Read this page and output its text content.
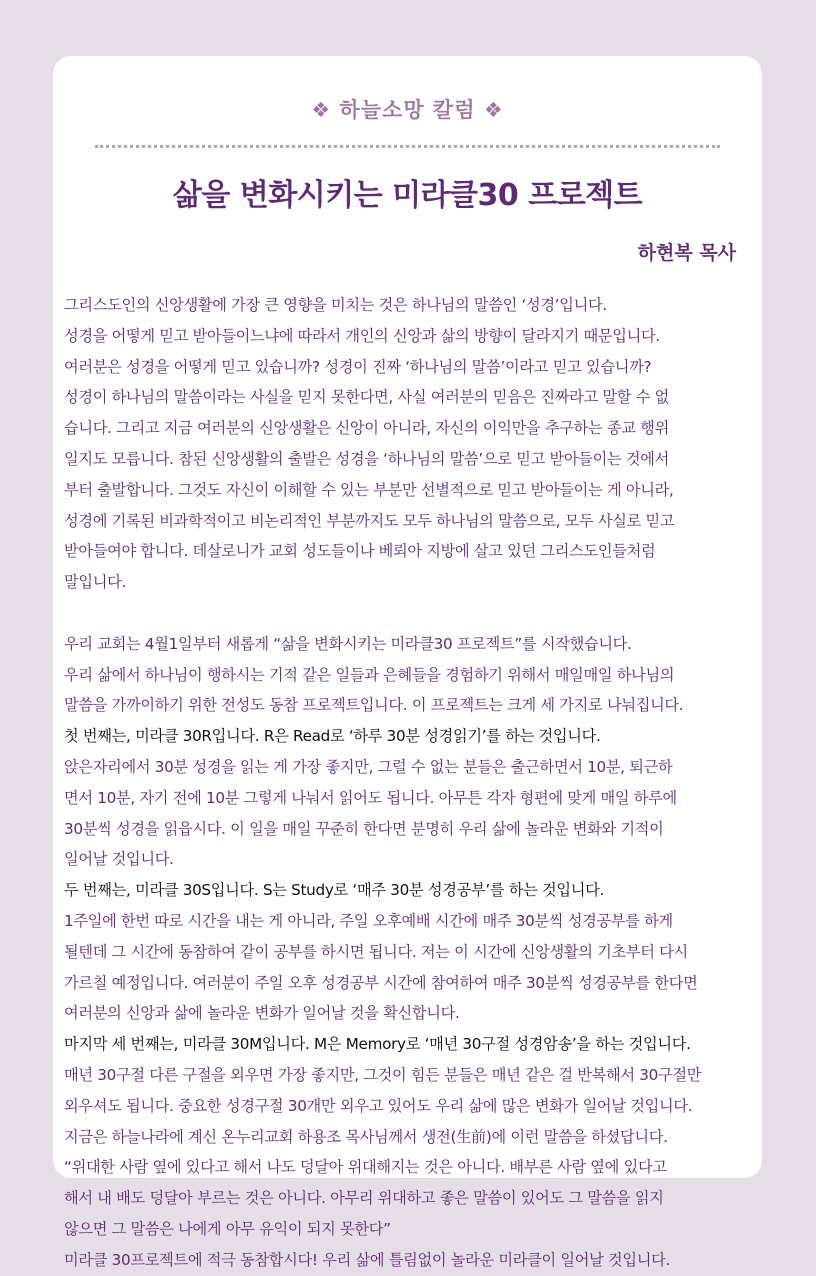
❖ 하늘소망 칼럼 ❖
삶을 변화시키는 미라클30 프로젝트
하현복 목사
그리스도인의 신앙생활에 가장 큰 영향을 미치는 것은 하나님의 말씀인 ‘성경’입니다.
성경을 어떻게 믿고 받아들이느냐에 따라서 개인의 신앙과 삶의 방향이 달라지기 때문입니다.
여러분은 성경을 어떻게 믿고 있습니까? 성경이 진짜 ‘하나님의 말씀’이라고 믿고 있습니까?
성경이 하나님의 말씀이라는 사실을 믿지 못한다면, 사실 여러분의 믿음은 진짜라고 말할 수 없
습니다. 그리고 지금 여러분의 신앙생활은 신앙이 아니라, 자신의 이익만을 추구하는 종교 행위
일지도 모릅니다. 참된 신앙생활의 출발은 성경을 ‘하나님의 말씀’으로 믿고 받아들이는 것에서
부터 출발합니다. 그것도 자신이 이해할 수 있는 부분만 선별적으로 믿고 받아들이는 게 아니라,
성경에 기록된 비과학적이고 비논리적인 부분까지도 모두 하나님의 말씀으로, 모두 사실로 믿고
받아들여야 합니다. 데살로니가 교회 성도들이나 베뢰아 지방에 살고 있던 그리스도인들처럼
말입니다.
우리 교회는 4월1일부터 새롭게 “삶을 변화시키는 미라클30 프로젝트”를 시작했습니다.
우리 삶에서 하나님이 행하시는 기적 같은 일들과 은혜들을 경험하기 위해서 매일매일 하나님의
말씀을 가까이하기 위한 전성도 동참 프로젝트입니다. 이 프로젝트는 크게 세 가지로 나눠집니다.
첫 번째는, 미라클 30R입니다. R은 Read로 ‘하루 30분 성경읽기’를 하는 것입니다.
앉은자리에서 30분 성경을 읽는 게 가장 좋지만, 그럴 수 없는 분들은 출근하면서 10분, 퇴근하
면서 10분, 자기 전에 10분 그렇게 나눠서 읽어도 됩니다. 아무튼 각자 형편에 맞게 매일 하루에
30분씩 성경을 읽읍시다. 이 일을 매일 꾸준히 한다면 분명히 우리 삶에 놀라운 변화와 기적이
일어날 것입니다.
두 번째는, 미라클 30S입니다. S는 Study로 ‘매주 30분 성경공부’를 하는 것입니다.
1주일에 한번 따로 시간을 내는 게 아니라, 주일 오후예배 시간에 매주 30분씩 성경공부를 하게
될텐데 그 시간에 동참하여 같이 공부를 하시면 됩니다. 저는 이 시간에 신앙생활의 기초부터 다시
가르칠 예정입니다. 여러분이 주일 오후 성경공부 시간에 참여하여 매주 30분씩 성경공부를 한다면
여러분의 신앙과 삶에 놀라운 변화가 일어날 것을 확신합니다.
마지막 세 번째는, 미라클 30M입니다. M은 Memory로 ‘매년 30구절 성경암송’을 하는 것입니다.
매년 30구절 다른 구절을 외우면 가장 좋지만, 그것이 힘든 분들은 매년 같은 걸 반복해서 30구절만
외우셔도 됩니다. 중요한 성경구절 30개만 외우고 있어도 우리 삶에 많은 변화가 일어날 것입니다.
지금은 하늘나라에 계신 온누리교회 하용조 목사님께서 생전(生前)에 이런 말씀을 하셨답니다.
“위대한 사람 옆에 있다고 해서 나도 덩달아 위대해지는 것은 아니다. 배부른 사람 옆에 있다고
해서 내 배도 덩달아 부르는 것은 아니다. 아무리 위대하고 좋은 말씀이 있어도 그 말씀을 읽지
않으면 그 말씀은 나에게 아무 유익이 되지 못한다”
미라클 30프로젝트에 적극 동참합시다! 우리 삶에 틀림없이 놀라운 미라클이 일어날 것입니다.
